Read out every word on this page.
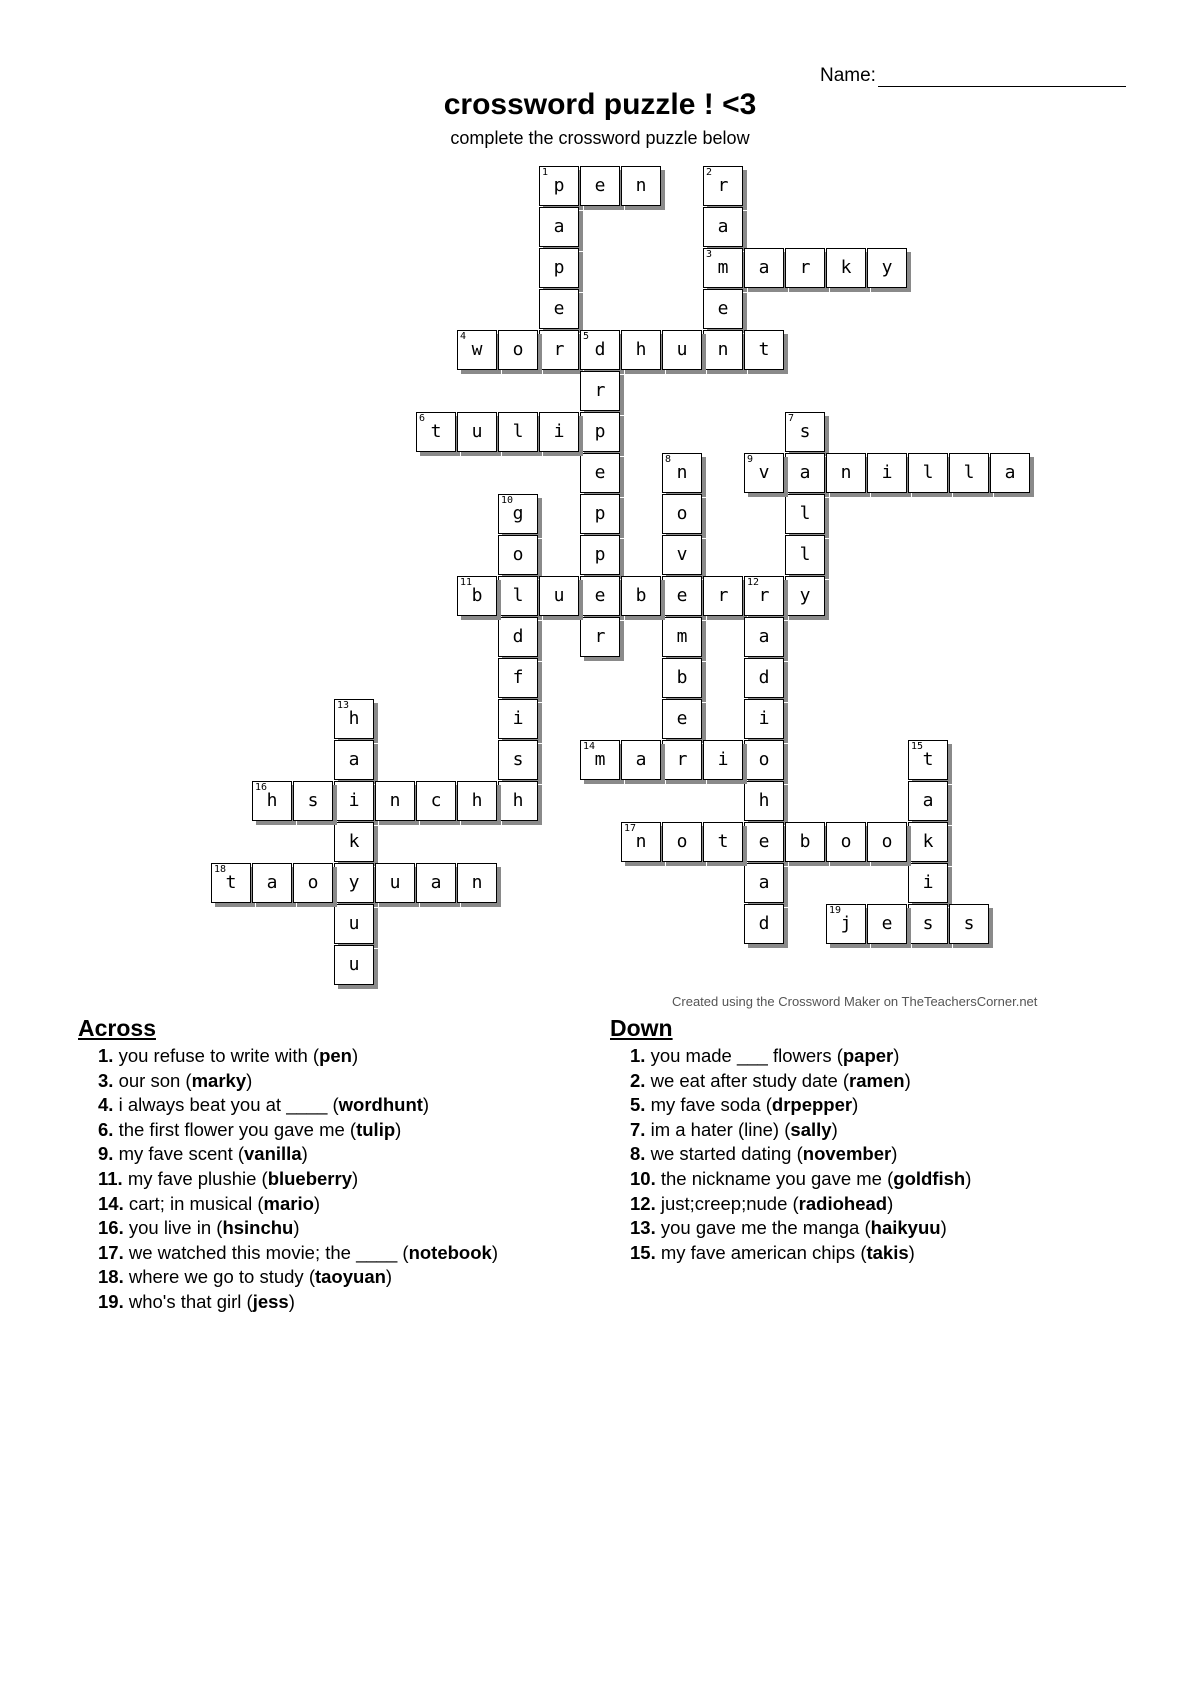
Name:
crossword puzzle ! <3
complete the crossword puzzle below
1
p	e	n
2
r
a
3
m
e
n
a	r	k	y
a
p
e
r
4
w	o
5
d	h	u	t
r
p
e
p
p
e
r
6
t	u	l	i
7
s
a
l
l
y
8
n
o
v
e
m
b
e
r
9
v	n	i	l	l	a
10
g
o
l
d
f
i
s
h
11
b	u	b	r
12
r
a
d
i
o
h
e
a
d
13
h
a
i
k
y
u
u
14
m	a	i
15
t
a
k
i
s
16
h	s	n	c	h
17
n	o	t	b	o	o
18
t	a	o	u	a	n
19
j	e	s
Created using the Crossword Maker on TheTeachersCorner.net
Across
1. you refuse to write with (pen)
3. our son (marky)
4. i always beat you at ____ (wordhunt)
6. the first flower you gave me (tulip)
9. my fave scent (vanilla)
11. my fave plushie (blueberry)
14. cart; in musical (mario)
16. you live in (hsinchu)
17. we watched this movie; the ____ (notebook)
18. where we go to study (taoyuan)
19. who's that girl (jess)
Down
1. you made ___ flowers (paper)
2. we eat after study date (ramen)
5. my fave soda (drpepper)
7. im a hater (line) (sally)
8. we started dating (november)
10. the nickname you gave me (goldfish)
12. just;creep;nude (radiohead)
13. you gave me the manga (haikyuu)
15. my fave american chips (takis)
